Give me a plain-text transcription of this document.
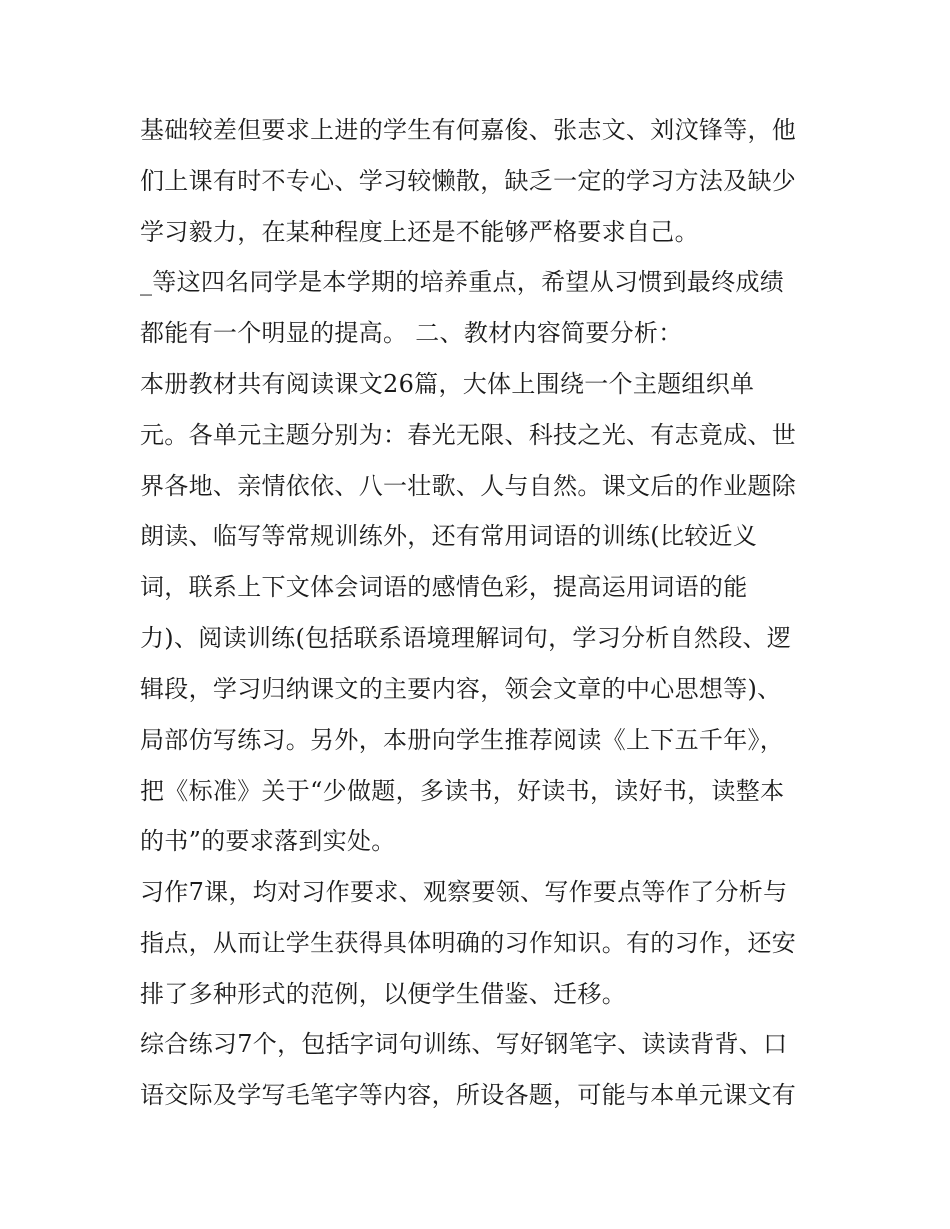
基础较差但要求上进的学生有何嘉俊、张志文、刘汶锋等，他
们上课有时不专心、学习较懒散，缺乏一定的学习方法及缺少
学习毅力，在某种程度上还是不能够严格要求自己。
_等这四名同学是本学期的培养重点，希望从习惯到最终成绩
都能有一个明显的提高。 二、教材内容简要分析：
本册教材共有阅读课文26篇，大体上围绕一个主题组织单
元。各单元主题分别为：春光无限、科技之光、有志竟成、世
界各地、亲情依依、八一壮歌、人与自然。课文后的作业题除
朗读、临写等常规训练外，还有常用词语的训练(比较近义
词，联系上下文体会词语的感情色彩，提高运用词语的能
力)、阅读训练(包括联系语境理解词句，学习分析自然段、逻
辑段，学习归纳课文的主要内容，领会文章的中心思想等)、
局部仿写练习。另外，本册向学生推荐阅读《上下五千年》，
把《标准》关于“少做题，多读书，好读书，读好书，读整本
的书”的要求落到实处。
习作7课，均对习作要求、观察要领、写作要点等作了分析与
指点，从而让学生获得具体明确的习作知识。有的习作，还安
排了多种形式的范例，以便学生借鉴、迁移。
综合练习7个，包括字词句训练、写好钢笔字、读读背背、口
语交际及学写毛笔字等内容，所设各题，可能与本单元课文有
